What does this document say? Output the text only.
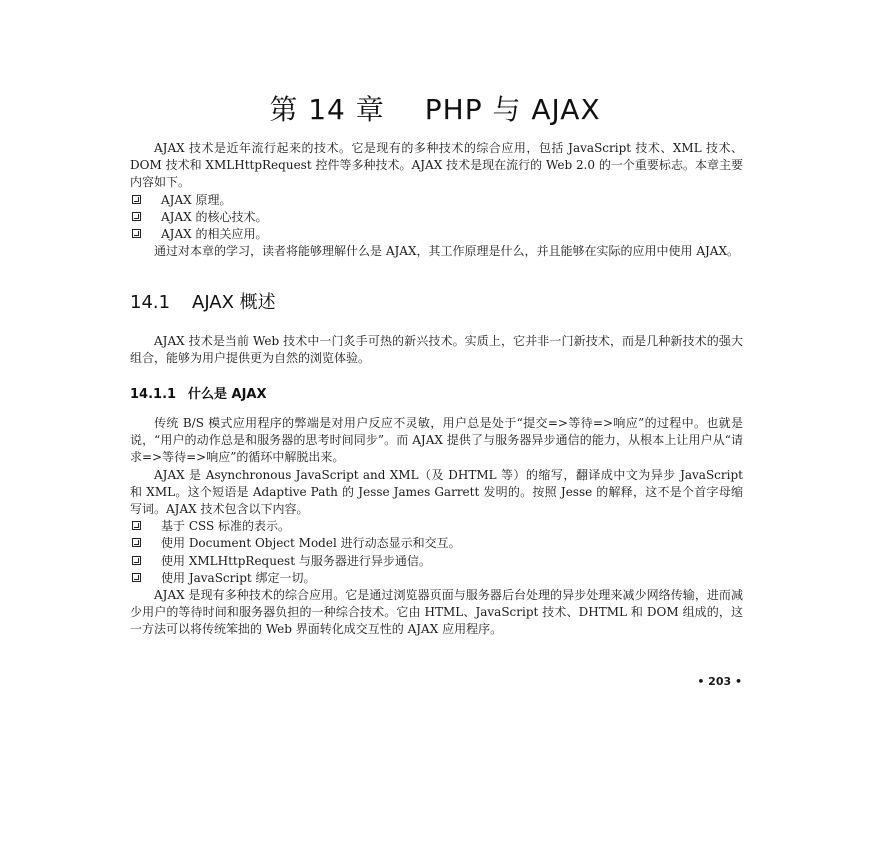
第 14 章 PHP 与 AJAX

AJAX 技术是近年流行起来的技术。它是现有的多种技术的综合应用，包括 JavaScript 技术、XML 技术、DOM 技术和 XMLHttpRequest 控件等多种技术。AJAX 技术是现在流行的 Web 2.0 的一个重要标志。本章主要内容如下。

AJAX 原理。
AJAX 的核心技术。
AJAX 的相关应用。

通过对本章的学习，读者将能够理解什么是 AJAX，其工作原理是什么，并且能够在实际的应用中使用 AJAX。

14.1 AJAX 概述

AJAX 技术是当前 Web 技术中一门炙手可热的新兴技术。实质上，它并非一门新技术，而是几种新技术的强大组合，能够为用户提供更为自然的浏览体验。

14.1.1 什么是 AJAX

传统 B/S 模式应用程序的弊端是对用户反应不灵敏，用户总是处于“提交=>等待=>响应”的过程中。也就是说，“用户的动作总是和服务器的思考时间同步”。而 AJAX 提供了与服务器异步通信的能力，从根本上让用户从“请求=>等待=>响应”的循环中解脱出来。

AJAX 是 Asynchronous JavaScript and XML（及 DHTML 等）的缩写，翻译成中文为异步 JavaScript 和 XML。这个短语是 Adaptive Path 的 Jesse James Garrett 发明的。按照 Jesse 的解释，这不是个首字母缩写词。AJAX 技术包含以下内容。

基于 CSS 标准的表示。
使用 Document Object Model 进行动态显示和交互。
使用 XMLHttpRequest 与服务器进行异步通信。
使用 JavaScript 绑定一切。

AJAX 是现有多种技术的综合应用。它是通过浏览器页面与服务器后台处理的异步处理来减少网络传输，进而减少用户的等待时间和服务器负担的一种综合技术。它由 HTML、JavaScript 技术、DHTML 和 DOM 组成的，这一方法可以将传统笨拙的 Web 界面转化成交互性的 AJAX 应用程序。

• 203 •
